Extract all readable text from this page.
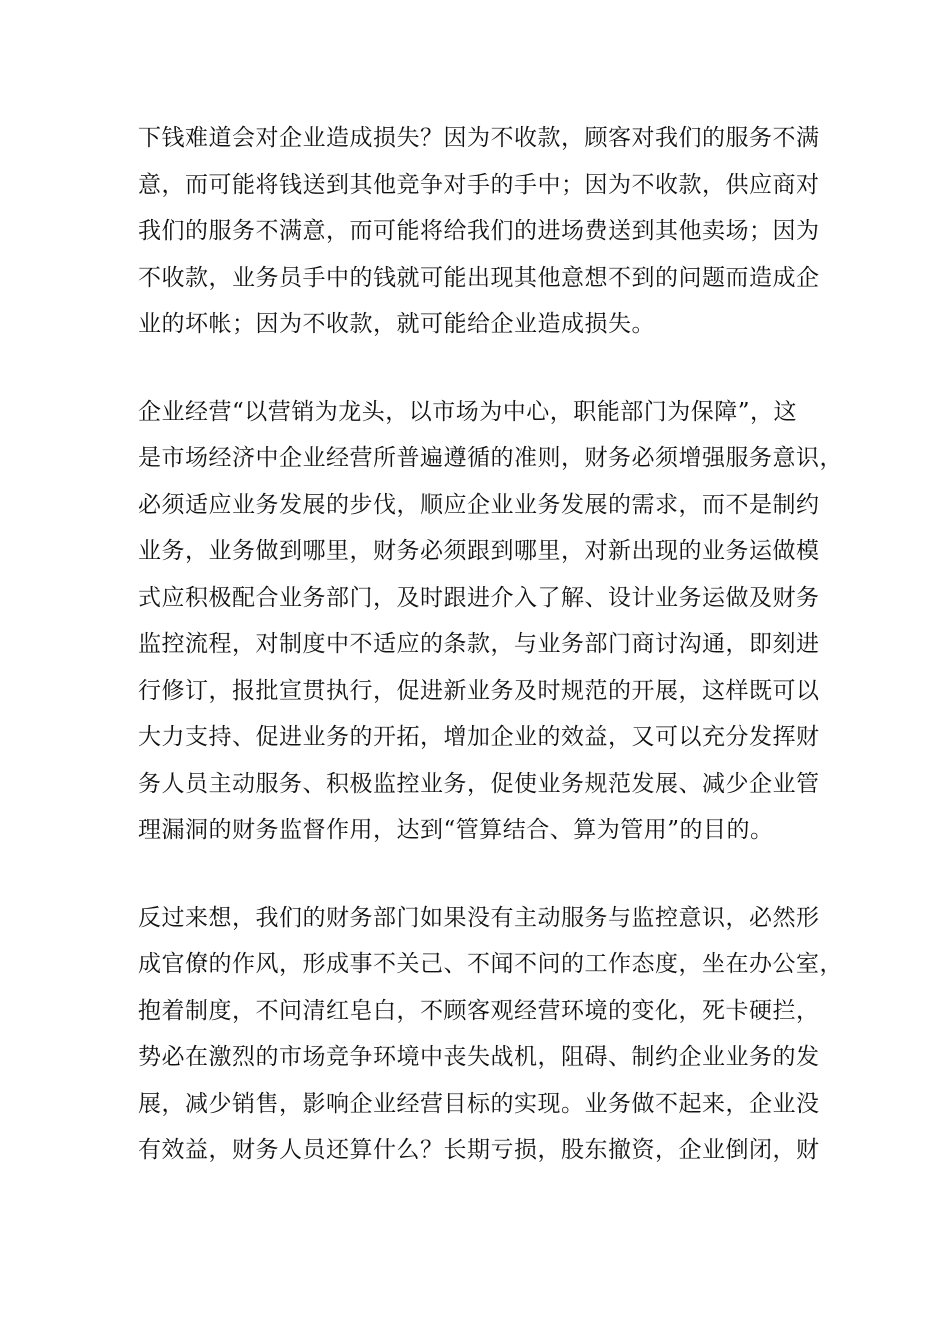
下钱难道会对企业造成损失？因为不收款，顾客对我们的服务不满
意，而可能将钱送到其他竞争对手的手中；因为不收款，供应商对
我们的服务不满意，而可能将给我们的进场费送到其他卖场；因为
不收款，业务员手中的钱就可能出现其他意想不到的问题而造成企
业的坏帐；因为不收款，就可能给企业造成损失。
企业经营“以营销为龙头，以市场为中心，职能部门为保障”，这
是市场经济中企业经营所普遍遵循的准则，财务必须增强服务意识，
必须适应业务发展的步伐，顺应企业业务发展的需求，而不是制约
业务，业务做到哪里，财务必须跟到哪里，对新出现的业务运做模
式应积极配合业务部门，及时跟进介入了解、设计业务运做及财务
监控流程，对制度中不适应的条款，与业务部门商讨沟通，即刻进
行修订，报批宣贯执行，促进新业务及时规范的开展，这样既可以
大力支持、促进业务的开拓，增加企业的效益，又可以充分发挥财
务人员主动服务、积极监控业务，促使业务规范发展、减少企业管
理漏洞的财务监督作用，达到“管算结合、算为管用”的目的。
反过来想，我们的财务部门如果没有主动服务与监控意识，必然形
成官僚的作风，形成事不关己、不闻不问的工作态度，坐在办公室，
抱着制度，不问清红皂白，不顾客观经营环境的变化，死卡硬拦，
势必在激烈的市场竞争环境中丧失战机，阻碍、制约企业业务的发
展，减少销售，影响企业经营目标的实现。业务做不起来，企业没
有效益，财务人员还算什么？长期亏损，股东撤资，企业倒闭，财
